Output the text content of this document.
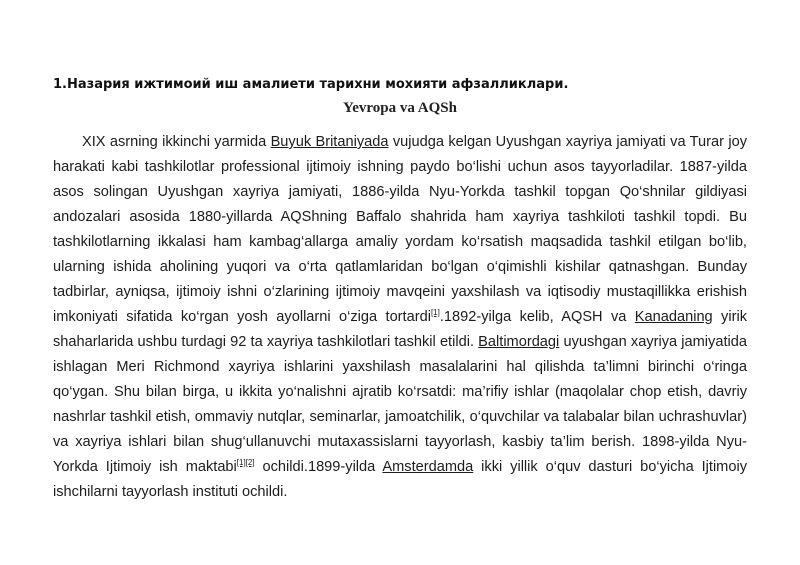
1.Назария ижтимоий иш амалиети тарихни мохияти афзалликлари.
Yevropa va AQSh
XIX asrning ikkinchi yarmida Buyuk Britaniyada vujudga kelgan Uyushgan xayriya jamiyati va Turar joy harakati kabi tashkilotlar professional ijtimoiy ishning paydo bo‘lishi uchun asos tayyorladilar. 1887-yilda asos solingan Uyushgan xayriya jamiyati, 1886-yilda Nyu-Yorkda tashkil topgan Qo‘shnilar gildiyasi andozalari asosida 1880-yillarda AQShning Baffalo shahrida ham xayriya tashkiloti tashkil topdi. Bu tashkilotlarning ikkalasi ham kambag‘allarga amaliy yordam ko‘rsatish maqsadida tashkil etilgan bo‘lib, ularning ishida aholining yuqori va o‘rta qatlamlaridan bo‘lgan o‘qimishli kishilar qatnashgan. Bunday tadbirlar, ayniqsa, ijtimoiy ishni o‘zlarining ijtimoiy mavqeini yaxshilash va iqtisodiy mustaqillikka erishish imkoniyati sifatida ko‘rgan yosh ayollarni o‘ziga tortardi[1].1892-yilga kelib, AQSH va Kanadaning yirik shaharlarida ushbu turdagi 92 ta xayriya tashkilotlari tashkil etildi. Baltimordagi uyushgan xayriya jamiyatida ishlagan Meri Richmond xayriya ishlarini yaxshilash masalalarini hal qilishda ta’limni birinchi o‘ringa qo‘ygan. Shu bilan birga, u ikkita yo‘nalishni ajratib ko‘rsatdi: ma’rifiy ishlar (maqolalar chop etish, davriy nashrlar tashkil etish, ommaviy nutqlar, seminarlar, jamoatchilik, o‘quvchilar va talabalar bilan uchrashuvlar) va xayriya ishlari bilan shug‘ullanuvchi mutaxassislarni tayyorlash, kasbiy ta’lim berish. 1898-yilda Nyu-Yorkda Ijtimoiy ish maktabi[1][2] ochildi.1899-yilda Amsterdamda ikki yillik o‘quv dasturi bo‘yicha Ijtimoiy ishchilarni tayyorlash instituti ochildi.
